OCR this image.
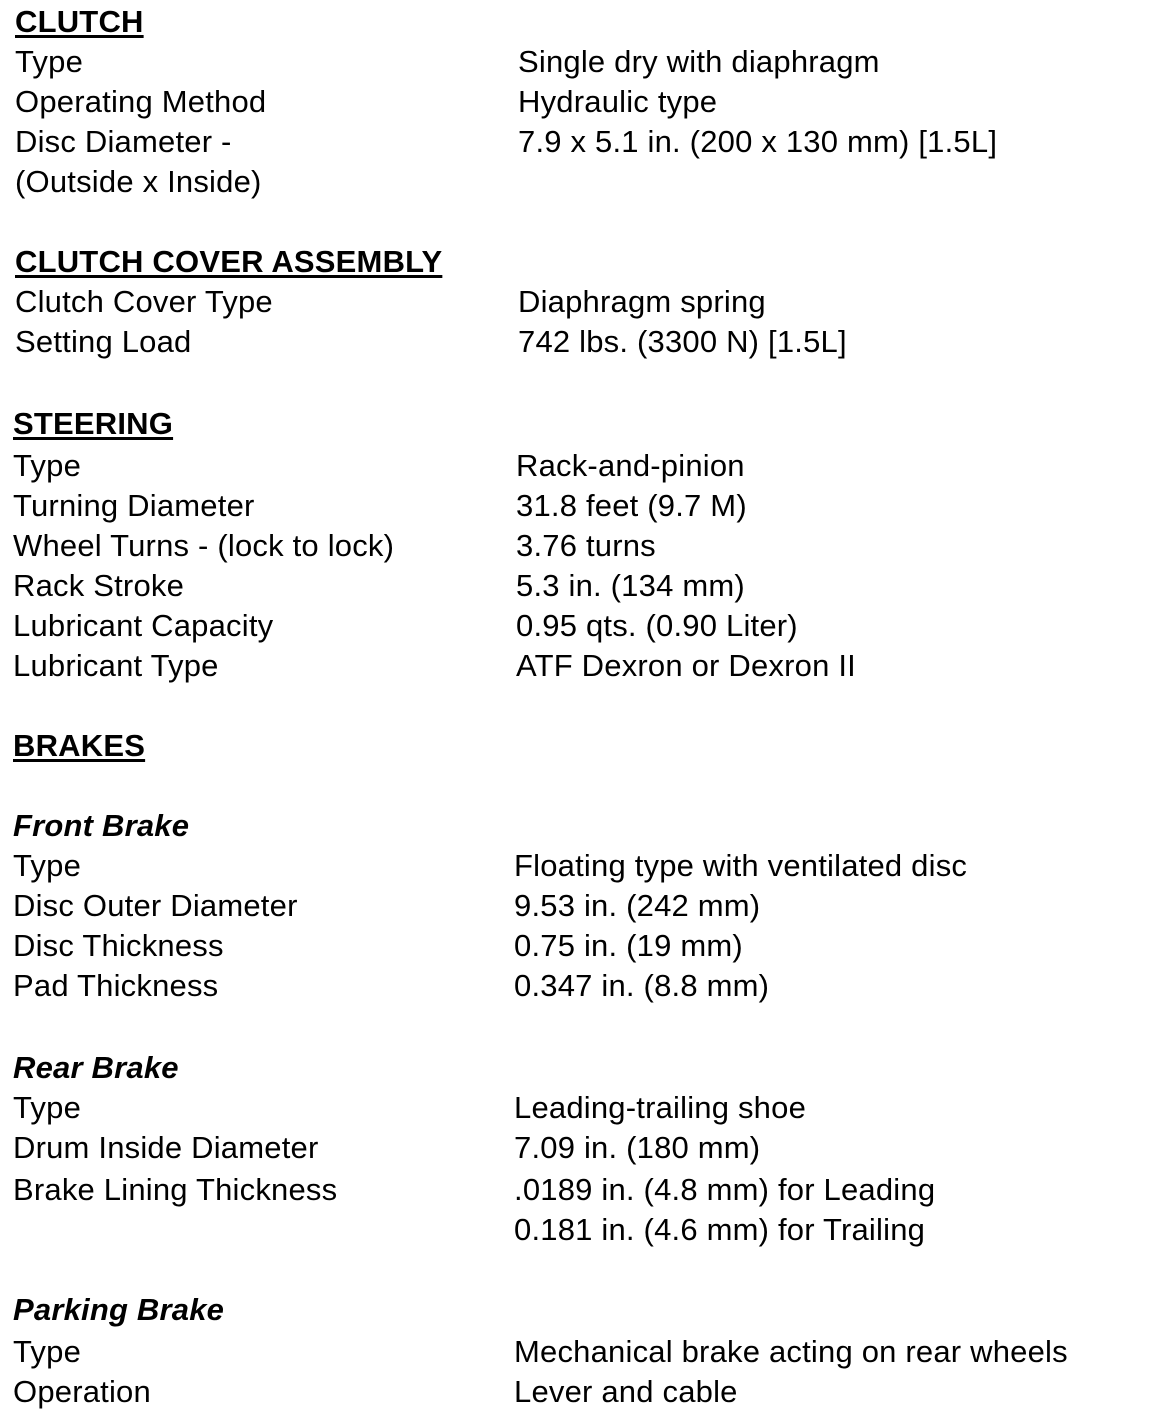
CLUTCH
Type	Single dry with diaphragm
Operating Method	Hydraulic type
Disc Diameter -	7.9 x 5.1 in. (200 x 130 mm) [1.5L]
(Outside x Inside)
CLUTCH COVER ASSEMBLY
Clutch Cover Type	Diaphragm spring
Setting Load	742 lbs. (3300 N) [1.5L]
STEERING
Type	Rack-and-pinion
Turning Diameter	31.8 feet (9.7 M)
Wheel Turns - (lock to lock)	3.76 turns
Rack Stroke	5.3 in. (134 mm)
Lubricant Capacity	0.95 qts. (0.90 Liter)
Lubricant Type	ATF Dexron or Dexron II
BRAKES
Front Brake
Type	Floating type with ventilated disc
Disc Outer Diameter	9.53 in. (242 mm)
Disc Thickness	0.75 in. (19 mm)
Pad Thickness	0.347 in. (8.8 mm)
Rear Brake
Type	Leading-trailing shoe
Drum Inside Diameter	7.09 in. (180 mm)
Brake Lining Thickness	.0189 in. (4.8 mm) for Leading
0.181 in. (4.6 mm) for Trailing
Parking Brake
Type	Mechanical brake acting on rear wheels
Operation	Lever and cable
